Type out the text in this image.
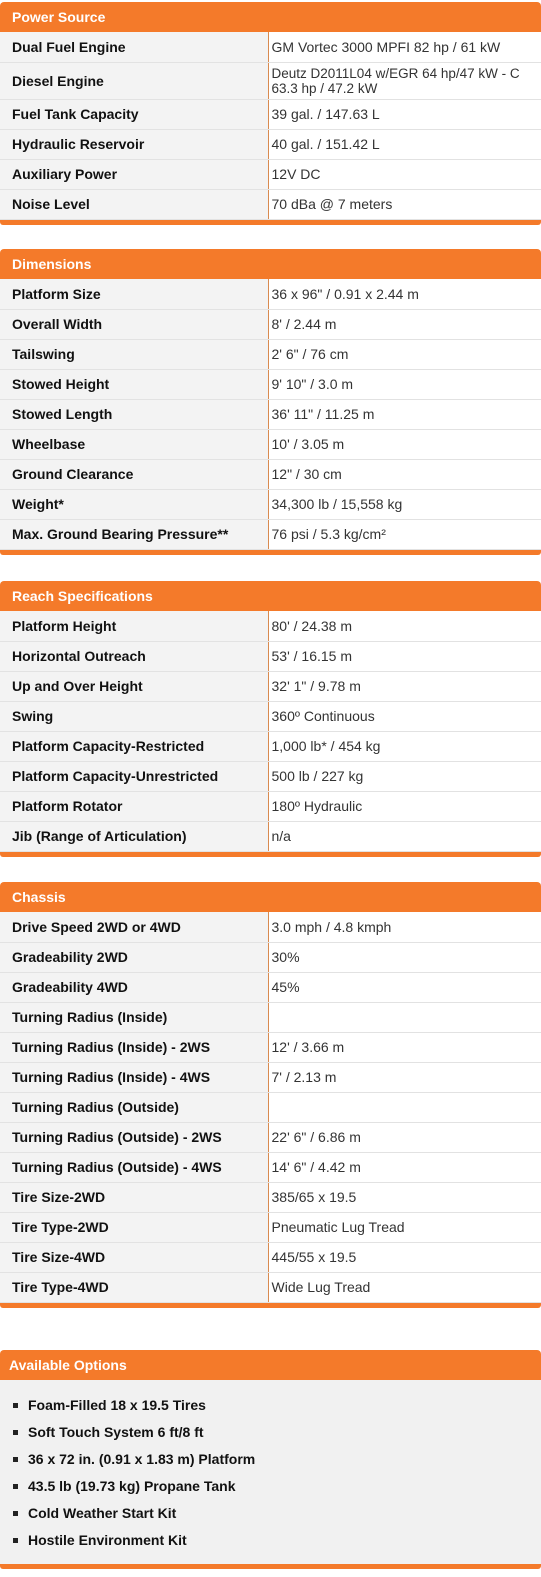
Power Source
Dual Fuel Engine	GM Vortec 3000 MPFI 82 hp / 61 kW
Diesel Engine	Deutz D2011L04 w/EGR 64 hp/47 kW - C 63.3 hp / 47.2 kW
Fuel Tank Capacity	39 gal. / 147.63 L
Hydraulic Reservoir	40 gal. / 151.42 L
Auxiliary Power	12V DC
Noise Level	70 dBa @ 7 meters
Dimensions
Platform Size	36 x 96" / 0.91 x 2.44 m
Overall Width	8' / 2.44 m
Tailswing	2' 6" / 76 cm
Stowed Height	9' 10" / 3.0 m
Stowed Length	36' 11" / 11.25 m
Wheelbase	10' / 3.05 m
Ground Clearance	12" / 30 cm
Weight*	34,300 lb / 15,558 kg
Max. Ground Bearing Pressure**	76 psi / 5.3 kg/cm²
Reach Specifications
Platform Height	80' / 24.38 m
Horizontal Outreach	53' / 16.15 m
Up and Over Height	32' 1" / 9.78 m
Swing	360º Continuous
Platform Capacity-Restricted	1,000 lb* / 454 kg
Platform Capacity-Unrestricted	500 lb / 227 kg
Platform Rotator	180º Hydraulic
Jib (Range of Articulation)	n/a
Chassis
Drive Speed 2WD or 4WD	3.0 mph / 4.8 kmph
Gradeability 2WD	30%
Gradeability 4WD	45%
Turning Radius (Inside)	
Turning Radius (Inside) - 2WS	12' / 3.66 m
Turning Radius (Inside) - 4WS	7' / 2.13 m
Turning Radius (Outside)	
Turning Radius (Outside) - 2WS	22' 6" / 6.86 m
Turning Radius (Outside) - 4WS	14' 6" / 4.42 m
Tire Size-2WD	385/65 x 19.5
Tire Type-2WD	Pneumatic Lug Tread
Tire Size-4WD	445/55 x 19.5
Tire Type-4WD	Wide Lug Tread
Available Options
Foam-Filled 18 x 19.5 Tires
Soft Touch System 6 ft/8 ft
36 x 72 in. (0.91 x 1.83 m) Platform
43.5 lb (19.73 kg) Propane Tank
Cold Weather Start Kit
Hostile Environment Kit
